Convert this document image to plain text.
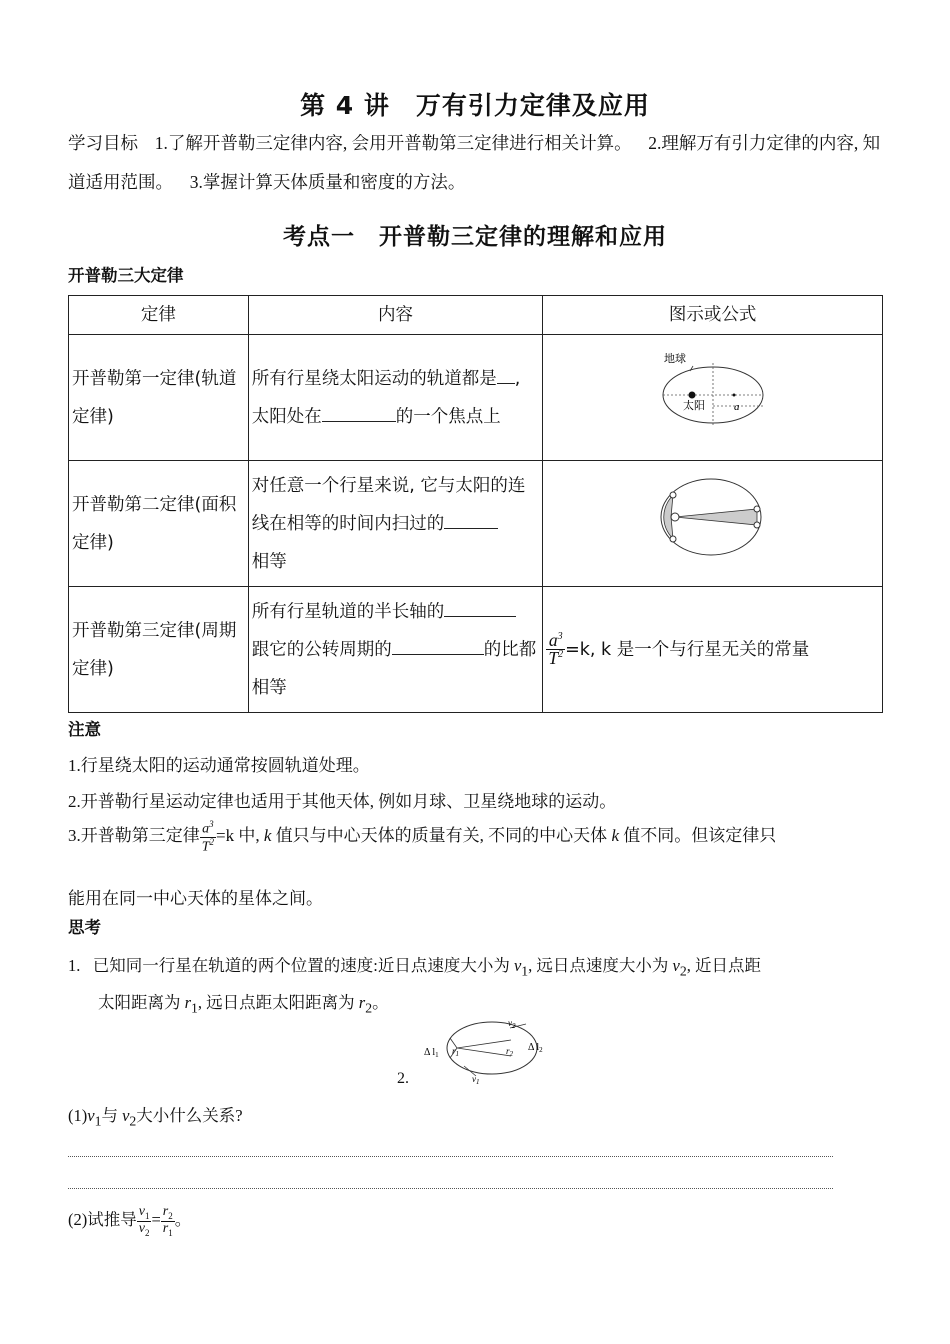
第 4 讲　万有引力定律及应用
学习目标 1.了解开普勒三定律内容, 会用开普勒第三定律进行相关计算。 2.理解万有引力定律的内容, 知道适用范围。 3.掌握计算天体质量和密度的方法。
考点一　开普勒三定律的理解和应用
开普勒三大定律
定律	内容	图示或公式
开普勒第一定律(轨道定律)	所有行星绕太阳运动的轨道都是 , 太阳处在 的一个焦点上	地球
太阳 a

开普勒第二定律(面积定律)	对任意一个行星来说, 它与太阳的连线在相等的时间内扫过的
相等	
开普勒第三定律(周期定律)	所有行星轨道的半长轴的
跟它的公转周期的 的比都相等	$\frac{a^3}{T^2} =k$, k 是一个与行星无关的常量
注意
1.行星绕太阳的运动通常按圆轨道处理。
2.开普勒行星运动定律也适用于其他天体, 例如月球、卫星绕地球的运动。
3.开普勒第三定律 $\frac{a^3}{T^2} =k$ 中, k 值只与中心天体的质量有关, 不同的中心天体 k 值不同。但该定律只
能用在同一中心天体的星体之间。
思考
1. 已知同一行星在轨道的两个位置的速度:近日点速度大小为 $v_1$, 远日点速度大小为 $v_2$, 近日点距
太阳距离为 $r_1$, 远日点距太阳距离为 $r_2$。
$v_2$
$v_1$
$r_1$	$r_2$
Δ $l_1$
Δ $l_2$
2.
$(1)v_1$与 $v_2$大小什么关系?
(2)试推导 $\frac{v_1}{v_2} = \frac{r_2}{r_1}$ 。
